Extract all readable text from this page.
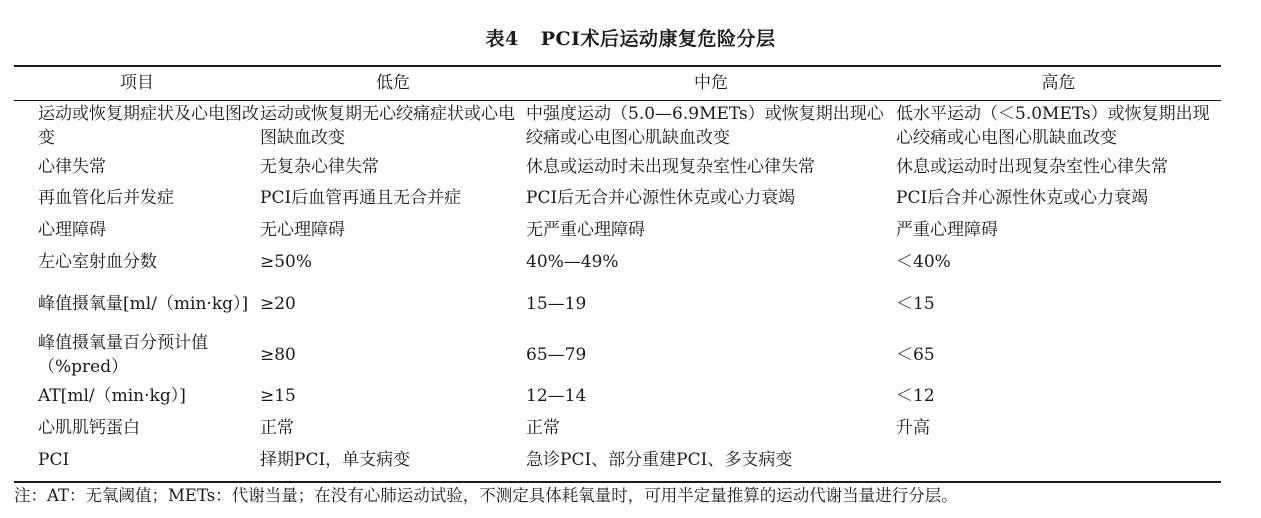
表4 PCI术后运动康复危险分层
项目	低危	中危	高危
运动或恢复期症状及心电图改变	运动或恢复期无心绞痛症状或心电图缺血改变	中强度运动（5.0—6.9METs）或恢复期出现心绞痛或心电图心肌缺血改变	低水平运动（＜5.0METs）或恢复期出现心绞痛或心电图心肌缺血改变
心律失常	无复杂心律失常	休息或运动时未出现复杂室性心律失常	休息或运动时出现复杂室性心律失常
再血管化后并发症	PCI后血管再通且无合并症	PCI后无合并心源性休克或心力衰竭	PCI后合并心源性休克或心力衰竭
心理障碍	无心理障碍	无严重心理障碍	严重心理障碍
左心室射血分数	≥50%	40%—49%	＜40%
峰值摄氧量[ml/（min·kg）]	≥20	15—19	＜15
峰值摄氧量百分预计值（%pred）	≥80	65—79	＜65
AT[ml/（min·kg）]	≥15	12—14	＜12
心肌肌钙蛋白	正常	正常	升高
PCI	择期PCI，单支病变	急诊PCI、部分重建PCI、多支病变	
注：AT：无氧阈值；METs：代谢当量；在没有心肺运动试验，不测定具体耗氧量时，可用半定量推算的运动代谢当量进行分层。
